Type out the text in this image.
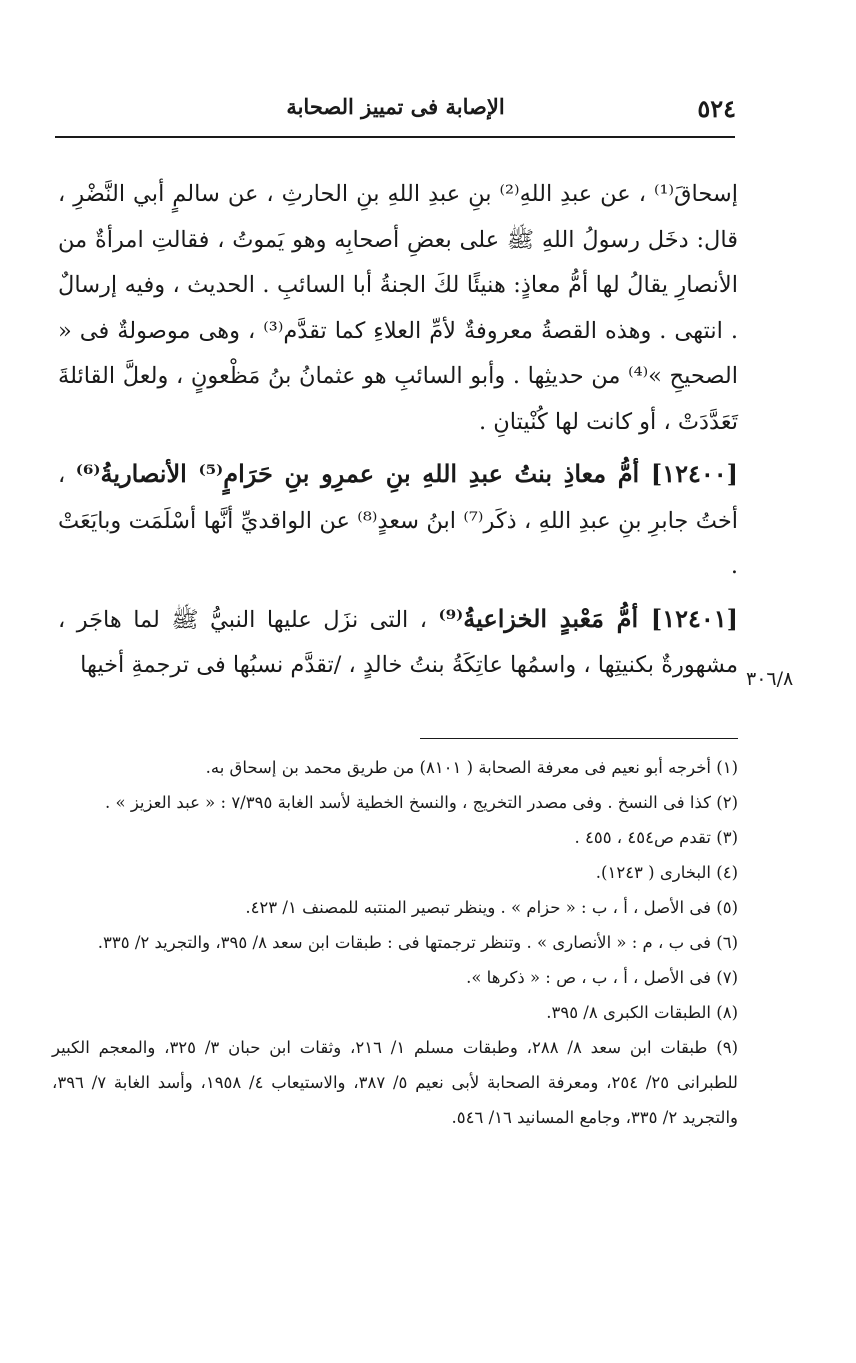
٥٢٤
الإصابة فى تمييز الصحابة

إسحاقَ⁽¹⁾ ، عن عبدِ اللهِ⁽²⁾ بنِ عبدِ اللهِ بنِ الحارثِ ، عن سالمٍ أبي النَّضْرِ ، قال: دخَل رسولُ اللهِ ﷺ على بعضِ أصحابِه وهو يَموتُ ، فقالتِ امرأةٌ من الأنصارِ يقالُ لها أمُّ معاذٍ: هنيئًا لكَ الجنةُ أبا السائبِ . الحديث ، وفيه إرسالٌ . انتهى . وهذه القصةُ معروفةٌ لأمِّ العلاءِ كما تقدَّم⁽³⁾ ، وهى موصولةٌ فى « الصحيحِ »⁽⁴⁾ من حديثِها . وأبو السائبِ هو عثمانُ بنُ مَظْعونٍ ، ولعلَّ القائلةَ تَعَدَّدَتْ ، أو كانت لها كُنْيتانِ .

[١٢٤٠٠] أمُّ معاذِ بنتُ عبدِ اللهِ بنِ عمرِو بنِ حَرَامٍ⁽⁵⁾ الأنصاريةُ⁽⁶⁾ ، أختُ جابرِ بنِ عبدِ اللهِ ، ذكَر⁽⁷⁾ ابنُ سعدٍ⁽⁸⁾ عن الواقديِّ أنَّها أسْلَمَت وبايَعَتْ .

[١٢٤٠١] أمُّ مَعْبدٍ الخزاعيةُ⁽⁹⁾ ، التى نزَل عليها النبيُّ ﷺ لما هاجَر ، مشهورةٌ بكنيتِها ، واسمُها عاتِكَةُ بنتُ خالدٍ ، /تقدَّم نسبُها فى ترجمةِ أخيها

٣٠٦/٨

(١) أخرجه أبو نعيم فى معرفة الصحابة ( ٨١٠١) من طريق محمد بن إسحاق به.

(٢) كذا فى النسخ . وفى مصدر التخريج ، والنسخ الخطية لأسد الغابة ٧/٣٩٥ : « عبد العزيز » .

(٣) تقدم ص٤٥٤ ، ٤٥٥ .

(٤) البخارى ( ١٢٤٣).

(٥) فى الأصل ، أ ، ب : « حزام » . وينظر تبصير المنتبه للمصنف ١/ ٤٢٣.

(٦) فى ب ، م : « الأنصارى » . وتنظر ترجمتها فى : طبقات ابن سعد ٨/ ٣٩٥، والتجريد ٢/ ٣٣٥.

(٧) فى الأصل ، أ ، ب ، ص : « ذكرها ».

(٨) الطبقات الكبرى ٨/ ٣٩٥.

(٩) طبقات ابن سعد ٨/ ٢٨٨، وطبقات مسلم ١/ ٢١٦، وثقات ابن حبان ٣/ ٣٢٥، والمعجم الكبير للطبرانى ٢٥/ ٢٥٤، ومعرفة الصحابة لأبى نعيم ٥/ ٣٨٧، والاستيعاب ٤/ ١٩٥٨، وأسد الغابة ٧/ ٣٩٦، والتجريد ٢/ ٣٣٥، وجامع المسانيد ١٦/ ٥٤٦.
